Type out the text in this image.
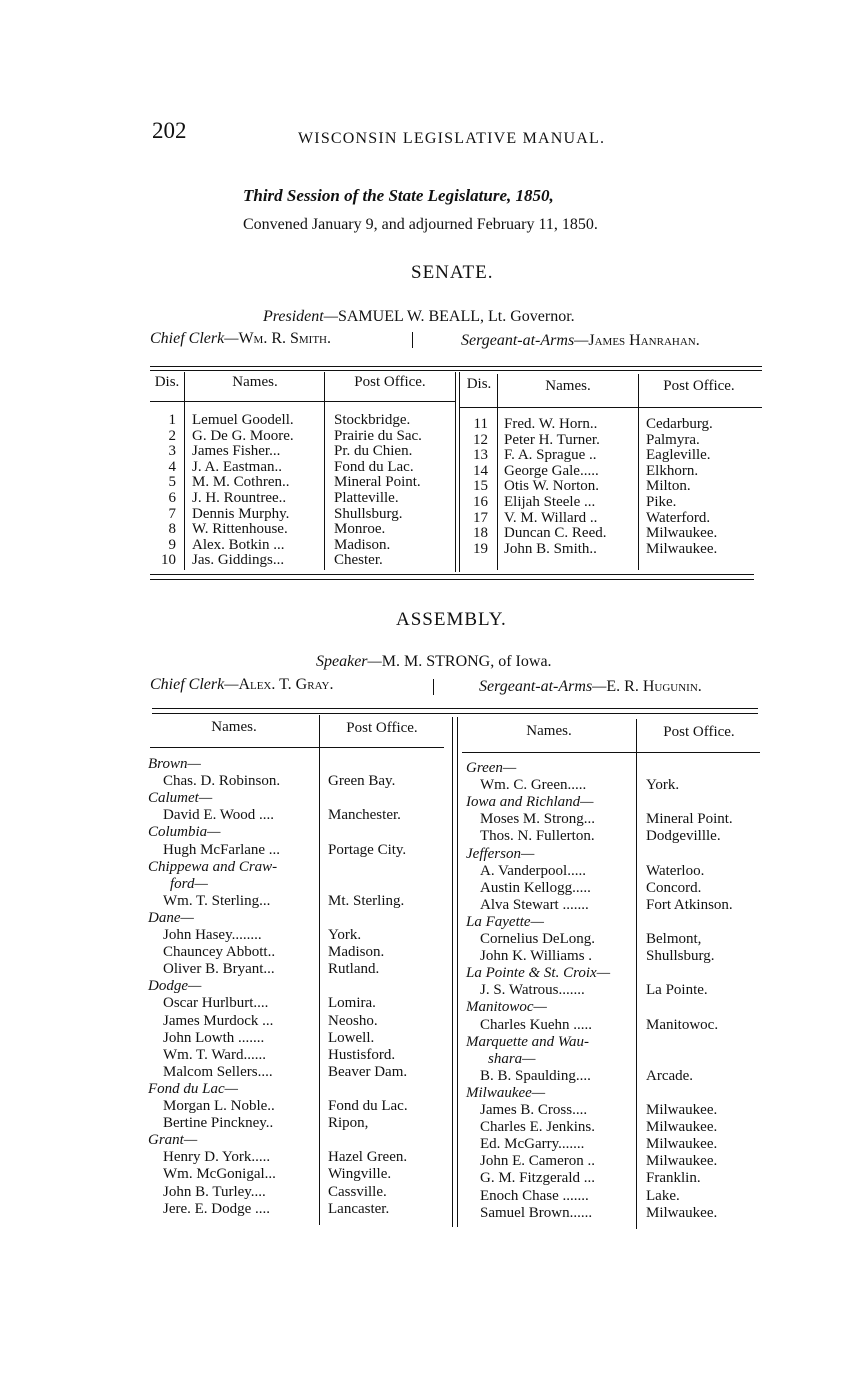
202	WISCONSIN LEGISLATIVE MANUAL.
Third Session of the State Legislature, 1850,
Convened January 9, and adjourned February 11, 1850.
SENATE.
President—SAMUEL W. BEALL, Lt. Governor.
Chief Clerk—Wm. R. Smith.	Sergeant-at-Arms—James Hanrahan.
Dis.	Names.	Post Office.	Dis.	Names.	Post Office.
1 Lemuel Goodell.	Stockbridge.
2 G. De G. Moore.	Prairie du Sac.
3 James Fisher...	Pr. du Chien.
4 J. A. Eastman..	Fond du Lac.
5 M. M. Cothren..	Mineral Point.
6 J. H. Rountree..	Platteville.
7 Dennis Murphy.	Shullsburg.
8 W. Rittenhouse.	Monroe.
9 Alex. Botkin ...	Madison.
10 Jas. Giddings...	Chester.
11 Fred. W. Horn..	Cedarburg.
12 Peter H. Turner.	Palmyra.
13 F. A. Sprague ..	Eagleville.
14 George Gale.....	Elkhorn.
15 Otis W. Norton.	Milton.
16 Elijah Steele ...	Pike.
17 V. M. Willard ..	Waterford.
18 Duncan C. Reed.	Milwaukee.
19 John B. Smith..	Milwaukee.
ASSEMBLY.
Speaker—M. M. STRONG, of Iowa.
Chief Clerk—Alex. T. Gray.	Sergeant-at-Arms—E. R. Hugunin.
Names.	Post Office.	Names.	Post Office.
Brown—
Chas. D. Robinson.	Green Bay.
Calumet—
David E. Wood ....	Manchester.
Columbia—
Hugh McFarlane ...	Portage City.
Chippewa and Craw-
ford—
Wm. T. Sterling...	Mt. Sterling.
Dane—
John Hasey........	York.
Chauncey Abbott..	Madison.
Oliver B. Bryant...	Rutland.
Dodge—
Oscar Hurlburt....	Lomira.
James Murdock ...	Neosho.
John Lowth .......	Lowell.
Wm. T. Ward......	Hustisford.
Malcom Sellers....	Beaver Dam.
Fond du Lac—
Morgan L. Noble..	Fond du Lac.
Bertine Pinckney..	Ripon,
Grant—
Henry D. York.....	Hazel Green.
Wm. McGonigal...	Wingville.
John B. Turley....	Cassville.
Jere. E. Dodge ....	Lancaster.
Green—
Wm. C. Green.....	York.
Iowa and Richland—
Moses M. Strong...	Mineral Point.
Thos. N. Fullerton.	Dodgevillle.
Jefferson—
A. Vanderpool.....	Waterloo.
Austin Kellogg.....	Concord.
Alva Stewart .......	Fort Atkinson.
La Fayette—
Cornelius DeLong.	Belmont,
John K. Williams .	Shullsburg.
La Pointe & St. Croix—
J. S. Watrous.......	La Pointe.
Manitowoc—
Charles Kuehn .....	Manitowoc.
Marquette and Wau-
shara—
B. B. Spaulding....	Arcade.
Milwaukee—
James B. Cross....	Milwaukee.
Charles E. Jenkins.	Milwaukee.
Ed. McGarry.......	Milwaukee.
John E. Cameron ..	Milwaukee.
G. M. Fitzgerald ...	Franklin.
Enoch Chase .......	Lake.
Samuel Brown......	Milwaukee.
